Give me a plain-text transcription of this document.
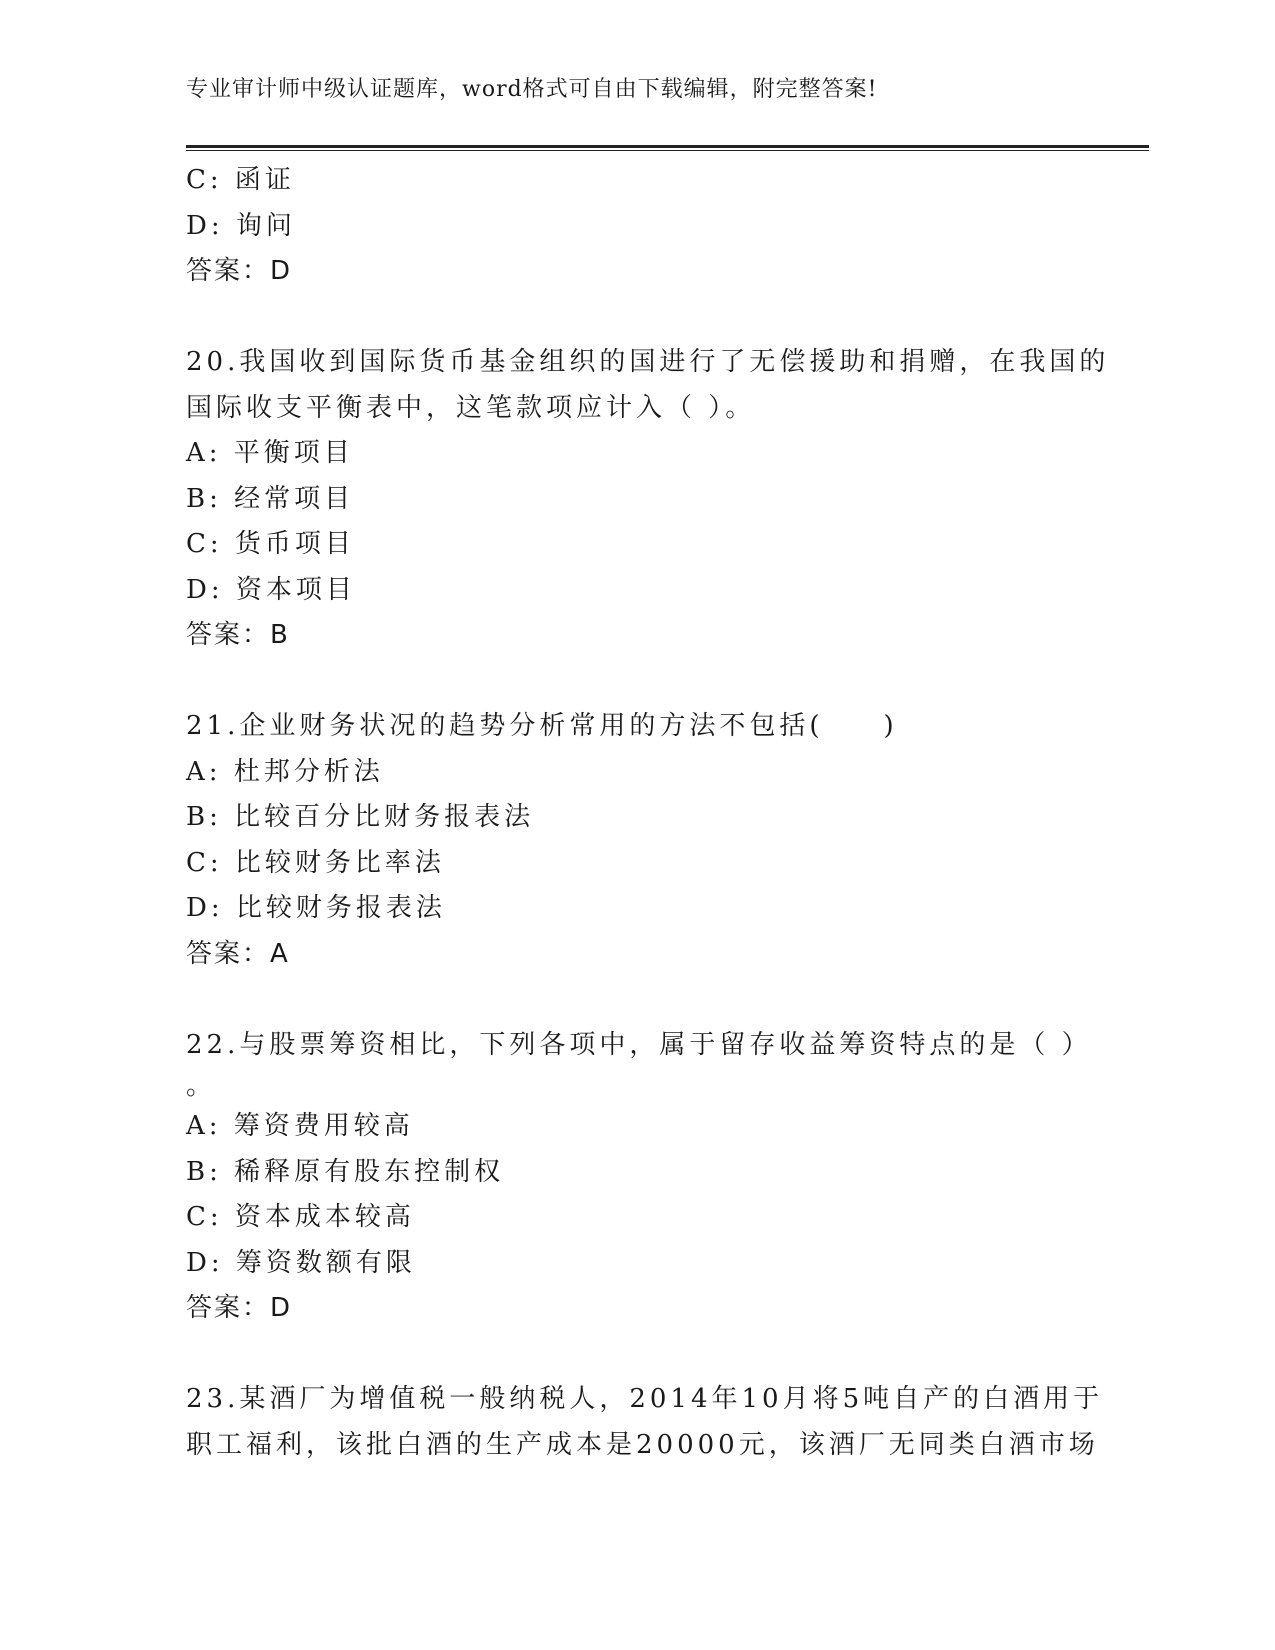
专业审计师中级认证题库，word格式可自由下载编辑，附完整答案!
C: 函证
D: 询问
答案：D
20.我国收到国际货币基金组织的国进行了无偿援助和捐赠，在我国的
国际收支平衡表中，这笔款项应计入（ ）。
A: 平衡项目
B: 经常项目
C: 货币项目
D: 资本项目
答案：B
21.企业财务状况的趋势分析常用的方法不包括(　　)
A: 杜邦分析法
B: 比较百分比财务报表法
C: 比较财务比率法
D: 比较财务报表法
答案：A
22.与股票筹资相比，下列各项中，属于留存收益筹资特点的是（ ）
。
A: 筹资费用较高
B: 稀释原有股东控制权
C: 资本成本较高
D: 筹资数额有限
答案：D
23.某酒厂为增值税一般纳税人，2014年10月将5吨自产的白酒用于
职工福利，该批白酒的生产成本是20000元，该酒厂无同类白酒市场
